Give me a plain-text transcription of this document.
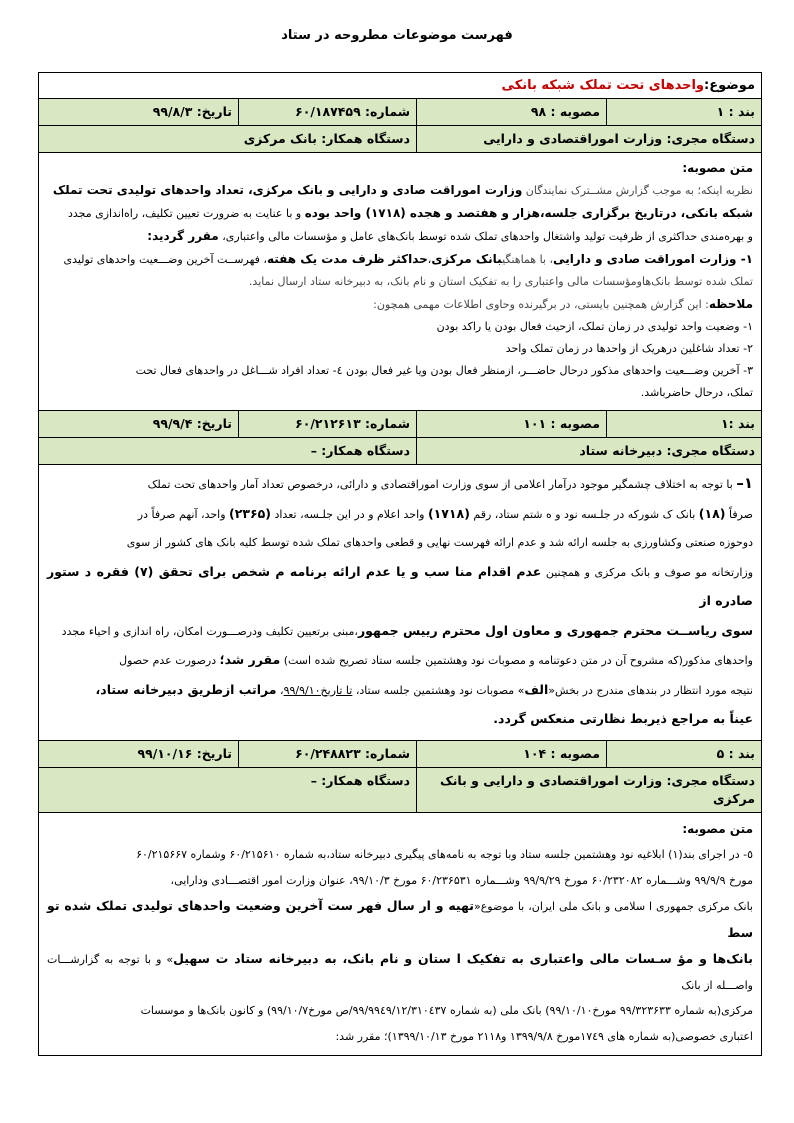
فهرست موضوعات مطروحه در ستاد
موضوع:
واحدهای تحت تملک شبکه بانکی
بند : ۱
مصوبه : ۹۸
شماره: ۶۰/۱۸۷۴۵۹
تاریخ: ۹۹/۸/۳
دستگاه مجری: وزارت اموراقتصادی و دارایی
دستگاه همکار: بانک مرکزی

متن مصوبه:

نظربه اینکه؛ به موجب گزارش مشــترک نمایندگان وزارت اموراقت صادی و دارایی و بانک مرکزی، تعداد واحدهای تولیدی تحت تملک

شبکه بانکی، درتاریخ برگزاری جلسه،هزار و هفتصد و هجده (۱۷۱۸) واحد بوده و با عنایت به ضرورت تعیین تکلیف، راه‌اندازی مجدد

و بهره‌مندی حداکثری از ظرفیت تولید واشتغال واحدهای تملک شده توسط بانک‌های عامل و مؤسسات مالی واعتباری، مقرر گردید:

۱- وزارت اموراقت صادی و دارایی، با هماهنگیبانک مرکزی،حداکثر ظرف مدت یک هفته، فهرســت آخرین وضـــعیت واحدهای تولیدی

تملک شده توسط بانک‌هاومؤسسات مالی واعتباری را به تفکیک استان و نام بانک، به دبیرخانه ستاد ارسال نماید.

ملاحظه: این گزارش همچنین بایستی، در برگیرنده وحاوی اطلاعات مهمی همچون:

۱- وضعیت واحد تولیدی در زمان تملک، ازحیث فعال بودن یا راکد بودن

۲- تعداد شاغلین درهریک از واحدها در زمان تملک واحد

۳- آخرین وضـــعیت واحدهای مذکور درحال حاضـــر، ازمنظر فعال بودن ویا غیر فعال بودن ٤- تعداد افراد شـــاغل در واحدهای فعال تحت

تملک، درحال حاضرباشد.

بند :۱
مصوبه : ۱۰۱
شماره: ۶۰/۲۱۲۶۱۳
تاریخ: ۹۹/۹/۴
دستگاه مجری: دبیرخانه ستاد
دستگاه همکار: –

۱– با توجه به اختلاف چشمگیر موجود درآمار اعلامی از سوی وزارت اموراقتصادی و دارائی، درخصوص تعداد آمار واحدهای تحت تملک

صرفاً (۱۸) بانک ک شورکه در جلـسه نود و ه شتم ستاد، رقم (۱۷۱۸) واحد اعلام و در این جلـسه، تعداد (۲۳۶۵) واحد، آنهم صرفاً در

دوحوزه صنعتی وکشاورزی به جلسه ارائه شد و عدم ارائه فهرست نهایی و قطعی واحدهای تملک شده توسط کلیه بانک های کشور از سوی

وزارتخانه مو صوف و بانک مرکزی و همچنین عدم اقدام منا سب و یا عدم ارائه برنامه م شخص برای تحقق (۷) فقره د ستور صادره از

سوی ریاســت محترم جمهوری و معاون اول محترم رییس جمهور،مبنی برتعیین تکلیف ودرصـــورت امکان، راه اندازی و احیاء مجدد

واحدهای مذکور(که مشروح آن در متن دعوتنامه و مصوبات نود وهشتمین جلسه ستاد تصریح شده است) مقرر شد؛ درصورت عدم حصول

نتیجه مورد انتظار در بندهای مندرج در بخش«الف» مصوبات نود وهشتمین جلسه ستاد، تا تاریخ۹۹/۹/۱۰، مراتب ازطریق دبیرخانه ستاد،

عیناً به مراجع ذیربط نظارتی منعکس گردد.

بند : ۵
مصوبه : ۱۰۴
شماره: ۶۰/۲۴۸۸۲۳
تاریخ: ۹۹/۱۰/۱۶
دستگاه مجری: وزارت اموراقتصادی و دارایی و بانک مرکزی
دستگاه همکار: –

متن مصوبه:

٥- در اجرای بند(۱) ابلاغیه نود وهشتمین جلسه ستاد وبا توجه به نامه‌های پیگیری دبیرخانه ستاد،به شماره ۶۰/۲۱۵۶۱۰ وشماره ۶۰/۲۱۵۶۶۷

مورخ ۹۹/۹/۹ وشـــماره ۶۰/۲۳۲۰۸۲ مورخ ۹۹/۹/۲۹ وشـــماره ۶۰/۲۳۶۵۳۱ مورخ ۹۹/۱۰/۳، عنوان وزارت امور اقتصـــادی ودارایی،

بانک مرکزی جمهوری ا سلامی و بانک ملی ایران، با موضوع«تهیه و ار سال فهر ست آخرین وضعیت واحدهای تولیدی تملک شده تو سط

بانک‌ها و مؤ سـسات مالی واعتباری به تفکیک ا ستان و نام بانک، به دبیرخانه ستاد ت سهیل» و با توجه به گزارشـــات واصـــله از بانک

مرکزی(به شماره ۹۹/۳۲۳۶۳۳ مورخ۹۹/۱۰/۱۰) بانک ملی (به شماره ۹۹/۹۹٤۹/۱۲/۳۱۰٤۳۷/ص مورخ۹۹/۱۰/۷) و کانون بانک‌ها و موسسات

اعتباری خصوصی(به شماره های ۱۷٤۹مورخ ۱۳۹۹/۹/۸ و۲۱۱۸ مورخ ۱۳۹۹/۱۰/۱۳)؛ مقرر شد:
